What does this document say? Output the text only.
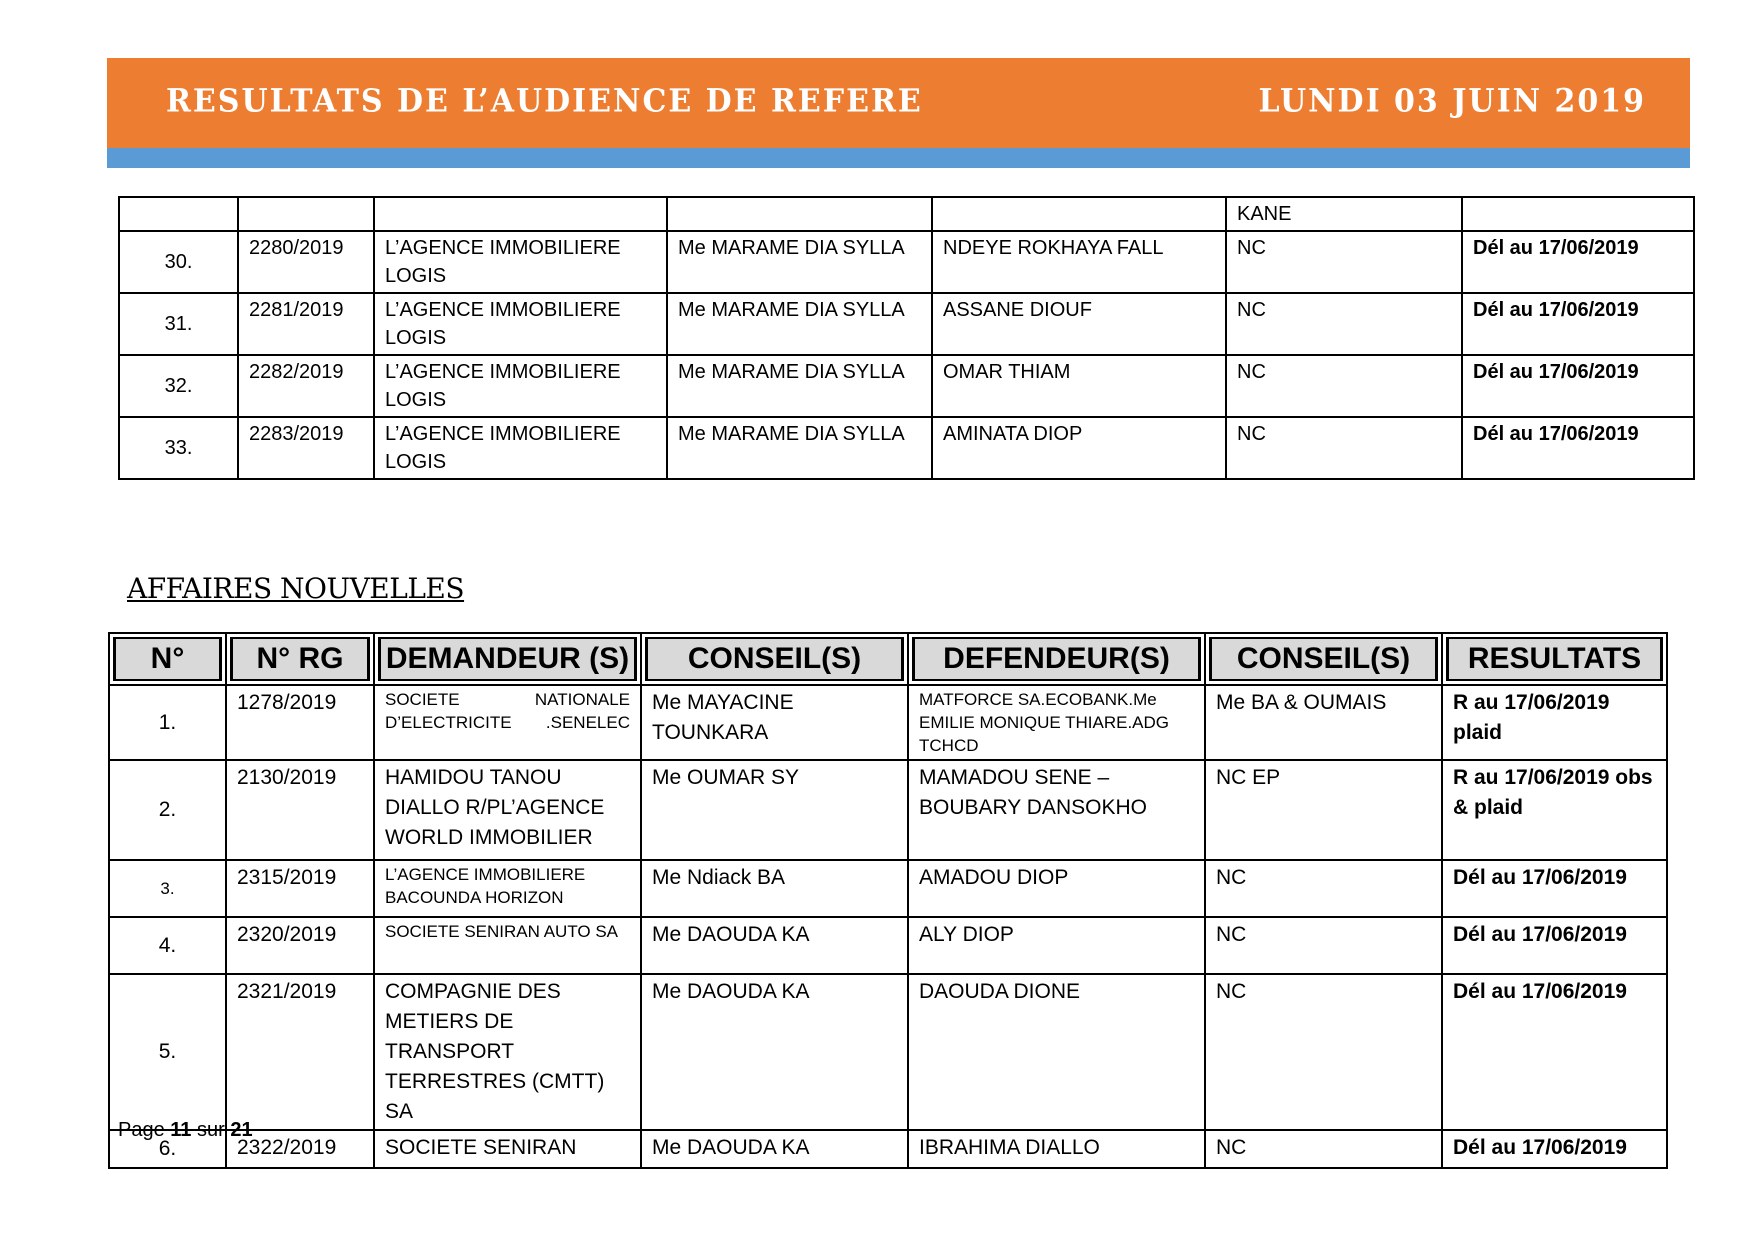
RESULTATS DE L’AUDIENCE DE REFERE	LUNDI 03 JUIN 2019
					KANE	
30.	2280/2019	L’AGENCE IMMOBILIERE LOGIS	Me MARAME DIA SYLLA	NDEYE ROKHAYA FALL	NC	Dél au 17/06/2019
31.	2281/2019	L’AGENCE IMMOBILIERE LOGIS	Me MARAME DIA SYLLA	ASSANE DIOUF	NC	Dél au 17/06/2019
32.	2282/2019	L’AGENCE IMMOBILIERE LOGIS	Me MARAME DIA SYLLA	OMAR THIAM	NC	Dél au 17/06/2019
33.	2283/2019	L’AGENCE IMMOBILIERE LOGIS	Me MARAME DIA SYLLA	AMINATA DIOP	NC	Dél au 17/06/2019
AFFAIRES NOUVELLES
N°	N° RG	DEMANDEUR (S)	CONSEIL(S)	DEFENDEUR(S)	CONSEIL(S)	RESULTATS

1.	1278/2019	SOCIETE NATIONALE D’ELECTRICITE .SENELEC	Me MAYACINE TOUNKARA	MATFORCE SA.ECOBANK.Me EMILIE MONIQUE THIARE.ADG TCHCD	Me BA & OUMAIS	R au 17/06/2019 plaid
2.	2130/2019	HAMIDOU TANOU DIALLO R/PL’AGENCE WORLD IMMOBILIER	Me OUMAR SY	MAMADOU SENE – BOUBARY DANSOKHO	NC EP	R au 17/06/2019 obs & plaid
3.	2315/2019	L’AGENCE IMMOBILIERE BACOUNDA HORIZON	Me Ndiack BA	AMADOU DIOP	NC	Dél au 17/06/2019
4.	2320/2019	SOCIETE SENIRAN AUTO SA	Me DAOUDA KA	ALY DIOP	NC	Dél au 17/06/2019
5.	2321/2019	COMPAGNIE DES METIERS DE TRANSPORT TERRESTRES (CMTT) SA	Me DAOUDA KA	DAOUDA DIONE	NC	Dél au 17/06/2019
6.	2322/2019	SOCIETE SENIRAN	Me DAOUDA KA	IBRAHIMA DIALLO	NC	Dél au 17/06/2019
Page 11 sur 21
